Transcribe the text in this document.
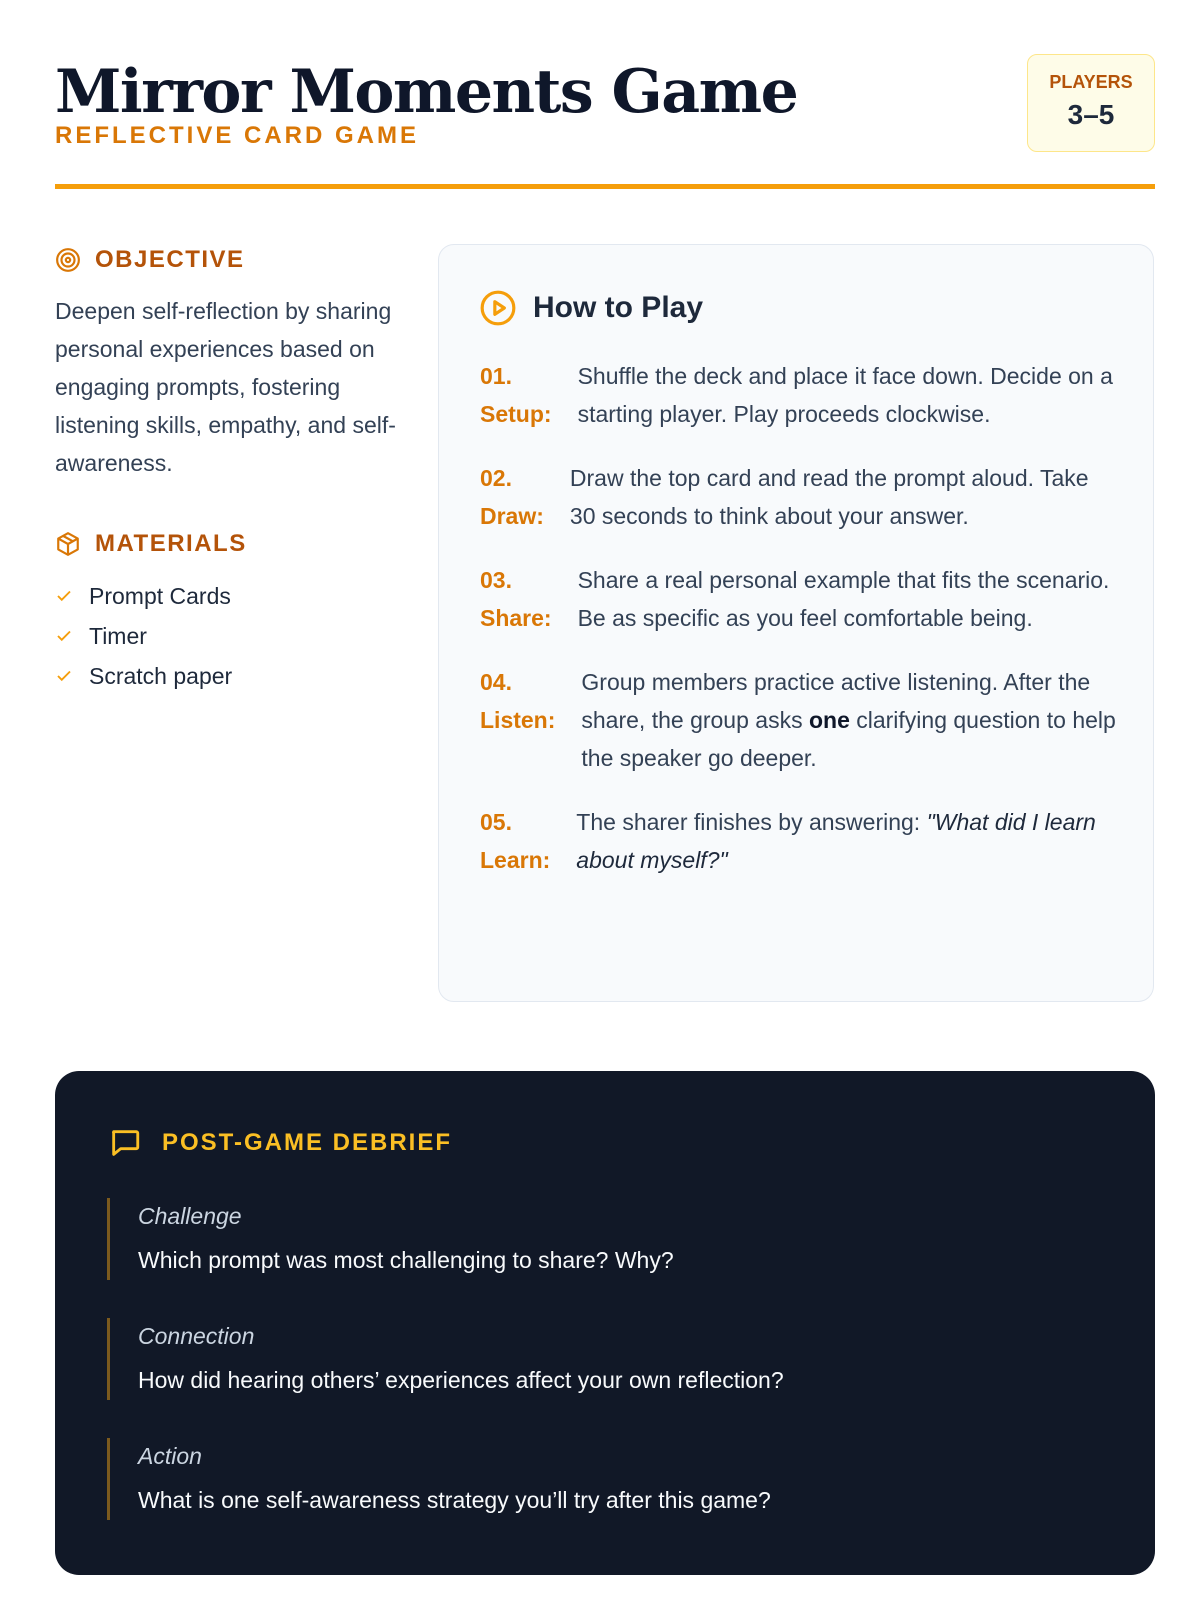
Mirror Moments Game

REFLECTIVE CARD GAME

PLAYERS
3–5
OBJECTIVE

Deepen self-reflection by sharing personal experiences based on engaging prompts, fostering listening skills, empathy, and self-awareness.

MATERIALS
Prompt Cards
Timer
Scratch paper
How to Play
01.
Setup:
Shuffle the deck and place it face down. Decide on a starting player. Play proceeds clockwise.
02.
Draw:
Draw the top card and read the prompt aloud. Take 30 seconds to think about your answer.
03.
Share:
Share a real personal example that fits the scenario. Be as specific as you feel comfortable being.
04.
Listen:
Group members practice active listening. After the share, the group asks one clarifying question to help the speaker go deeper.
05.
Learn:
The sharer finishes by answering: "What did I learn about myself?"
POST-GAME DEBRIEF
Challenge
Which prompt was most challenging to share? Why?
Connection
How did hearing others’ experiences affect your own reflection?
Action
What is one self-awareness strategy you’ll try after this game?
